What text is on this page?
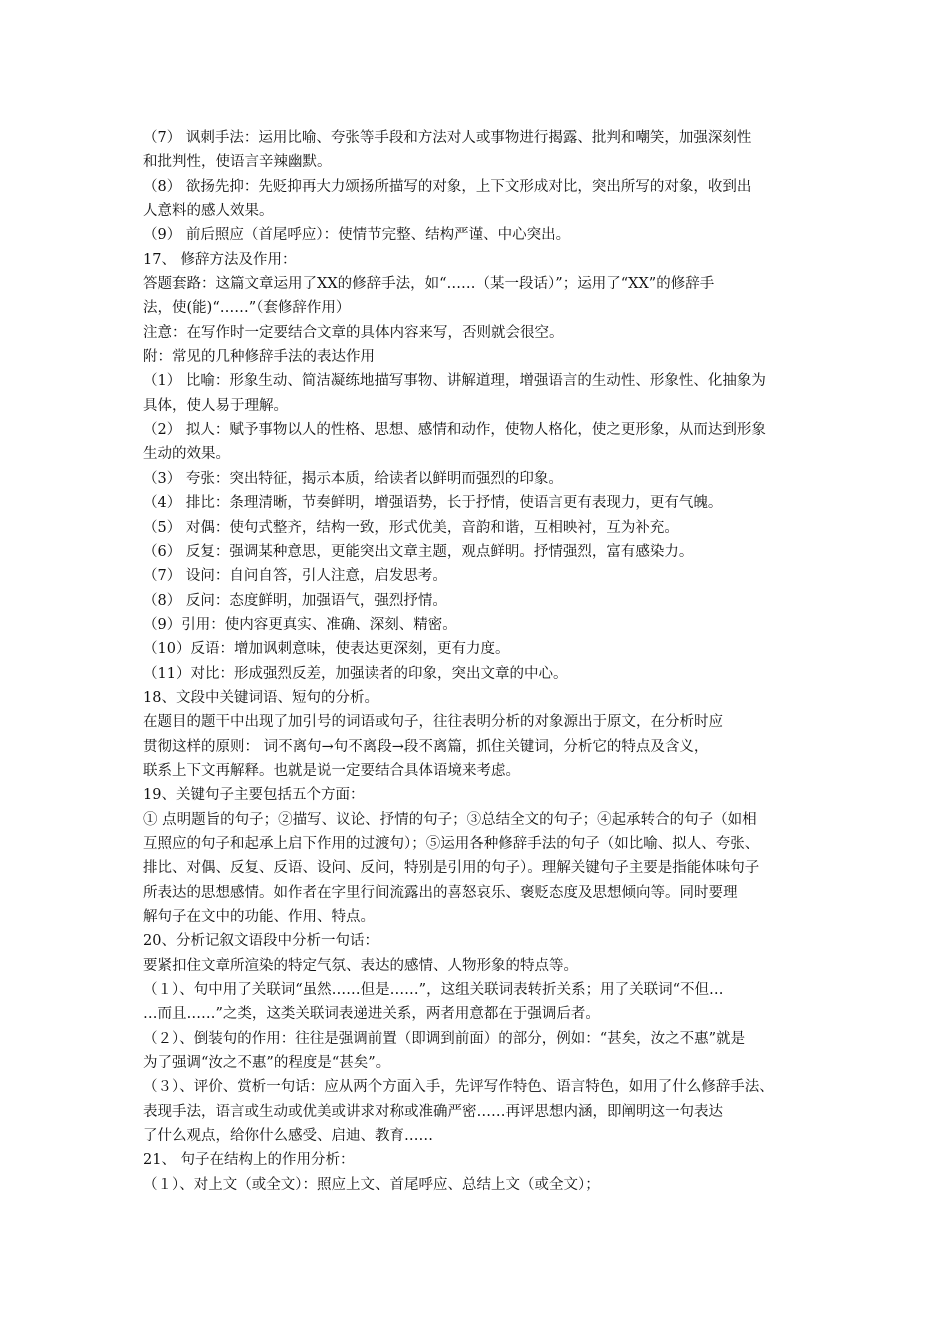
（7） 讽刺手法：运用比喻、夸张等手段和方法对人或事物进行揭露、批判和嘲笑，加强深刻性

和批判性，使语言辛辣幽默。

（8） 欲扬先抑：先贬抑再大力颂扬所描写的对象，上下文形成对比，突出所写的对象，收到出

人意料的感人效果。

（9） 前后照应（首尾呼应）：使情节完整、结构严谨、中心突出。

17、 修辞方法及作用：

答题套路：这篇文章运用了XX的修辞手法，如“……（某一段话）”；运用了“XX”的修辞手

法，使(能)“……”（套修辞作用）

注意：在写作时一定要结合文章的具体内容来写，否则就会很空。

附：常见的几种修辞手法的表达作用

（1） 比喻：形象生动、简洁凝练地描写事物、讲解道理，增强语言的生动性、形象性、化抽象为

具体，使人易于理解。

（2） 拟人：赋予事物以人的性格、思想、感情和动作，使物人格化，使之更形象，从而达到形象

生动的效果。

（3） 夸张：突出特征，揭示本质，给读者以鲜明而强烈的印象。

（4） 排比：条理清晰，节奏鲜明，增强语势，长于抒情，使语言更有表现力，更有气魄。

（5） 对偶：使句式整齐，结构一致，形式优美，音韵和谐，互相映衬，互为补充。

（6） 反复：强调某种意思，更能突出文章主题，观点鲜明。抒情强烈，富有感染力。

（7） 设问：自问自答，引人注意，启发思考。

（8） 反问：态度鲜明，加强语气，强烈抒情。

（9）引用：使内容更真实、准确、深刻、精密。

（10）反语：增加讽刺意味，使表达更深刻，更有力度。

（11）对比：形成强烈反差，加强读者的印象，突出文章的中心。

18、文段中关键词语、短句的分析。

在题目的题干中出现了加引号的词语或句子，往往表明分析的对象源出于原文，在分析时应

贯彻这样的原则： 词不离句→句不离段→段不离篇，抓住关键词，分析它的特点及含义，

联系上下文再解释。也就是说一定要结合具体语境来考虑。

19、关键句子主要包括五个方面：

① 点明题旨的句子；②描写、议论、抒情的句子；③总结全文的句子；④起承转合的句子（如相

互照应的句子和起承上启下作用的过渡句）；⑤运用各种修辞手法的句子（如比喻、拟人、夸张、

排比、对偶、反复、反语、设问、反问，特别是引用的句子）。理解关键句子主要是指能体味句子

所表达的思想感情。如作者在字里行间流露出的喜怒哀乐、褒贬态度及思想倾向等。同时要理

解句子在文中的功能、作用、特点。

20、分析记叙文语段中分析一句话：

要紧扣住文章所渲染的特定气氛、表达的感情、人物形象的特点等。

（１）、句中用了关联词“虽然……但是……”，这组关联词表转折关系；用了关联词“不但…

…而且……”之类，这类关联词表递进关系，两者用意都在于强调后者。

（２）、倒装句的作用：往往是强调前置（即调到前面）的部分，例如：“甚矣，汝之不惠”就是

为了强调“汝之不惠”的程度是“甚矣”。

（３）、评价、赏析一句话：应从两个方面入手，先评写作特色、语言特色，如用了什么修辞手法、

表现手法，语言或生动或优美或讲求对称或准确严密……再评思想内涵，即阐明这一句表达

了什么观点，给你什么感受、启迪、教育……

21、 句子在结构上的作用分析：

（１）、对上文（或全文）：照应上文、首尾呼应、总结上文（或全文）；
